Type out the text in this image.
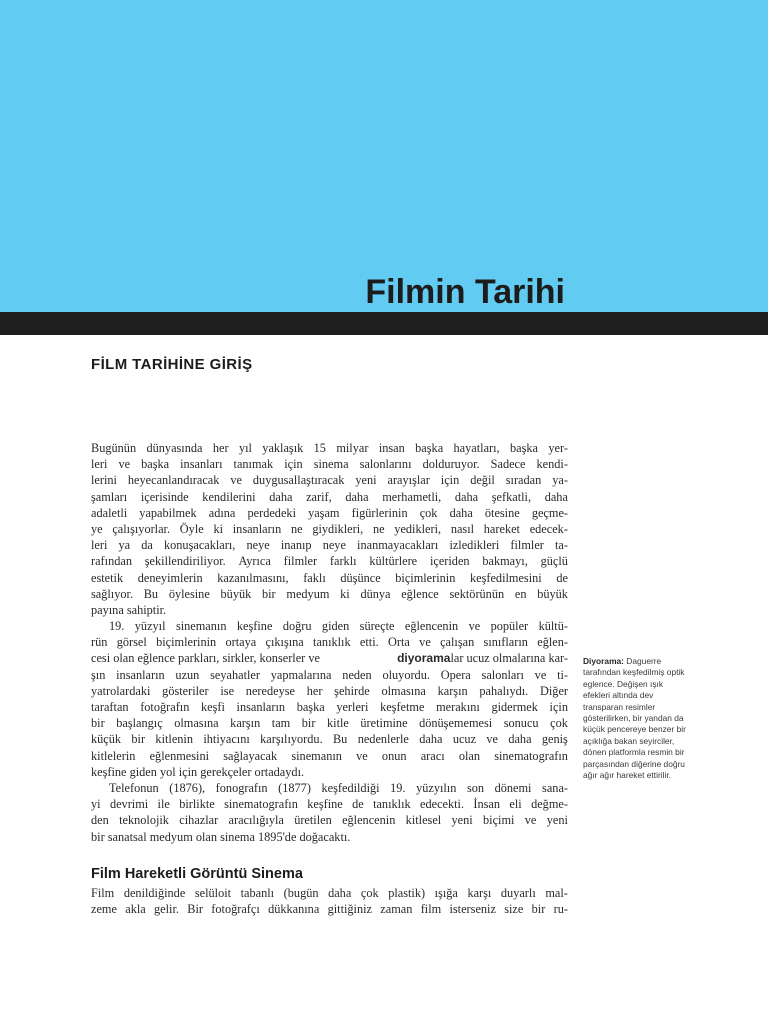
Filmin Tarihi
FİLM TARİHİNE GİRİŞ
Bugünün dünyasında her yıl yaklaşık 15 milyar insan başka hayatları, başka yer-
leri ve başka insanları tanımak için sinema salonlarını dolduruyor. Sadece kendi-
lerini heyecanlandıracak ve duygusallaştıracak yeni arayışlar için değil sıradan ya-
şamları içerisinde kendilerini daha zarif, daha merhametli, daha şefkatli, daha
adaletli yapabilmek adına perdedeki yaşam figürlerinin çok daha ötesine geçme-
ye çalışıyorlar. Öyle ki insanların ne giydikleri, ne yedikleri, nasıl hareket edecek-
leri ya da konuşacakları, neye inanıp neye inanmayacakları izledikleri filmler ta-
rafından şekillendiriliyor. Ayrıca filmler farklı kültürlere içeriden bakmayı, güçlü
estetik deneyimlerin kazanılmasını, faklı düşünce biçimlerinin keşfedilmesini de
sağlıyor. Bu öylesine büyük bir medyum ki dünya eğlence sektörünün en büyük
payına sahiptir.
19. yüzyıl sinemanın keşfine doğru giden süreçte eğlencenin ve popüler kültü-
rün görsel biçimlerinin ortaya çıkışına tanıklık etti. Orta ve çalışan sınıfların eğlen-
cesi olan eğlence parkları, sirkler, konserler ve	diyoramalar ucuz olmalarına kar-
şın insanların uzun seyahatler yapmalarına neden oluyordu. Opera salonları ve ti-
yatrolardaki gösteriler ise neredeyse her şehirde olmasına karşın pahalıydı. Diğer
taraftan fotoğrafın keşfi insanların başka yerleri keşfetme merakını gidermek için
bir başlangıç olmasına karşın tam bir kitle üretimine dönüşememesi sonucu çok
küçük bir kitlenin ihtiyacını karşılıyordu. Bu nedenlerle daha ucuz ve daha geniş
kitlelerin eğlenmesini sağlayacak sinemanın ve onun aracı olan sinematografın
keşfine giden yol için gerekçeler ortadaydı.
Telefonun (1876), fonografın (1877) keşfedildiği 19. yüzyılın son dönemi sana-
yi devrimi ile birlikte sinematografın keşfine de tanıklık edecekti. İnsan eli değme-
den teknolojik cihazlar aracılığıyla üretilen eğlencenin kitlesel yeni biçimi ve yeni
bir sanatsal medyum olan sinema 1895'de doğacaktı.
Film Hareketli Görüntü Sinema
Film denildiğinde selüloit tabanlı (bugün daha çok plastik) ışığa karşı duyarlı mal-
zeme akla gelir. Bir fotoğrafçı dükkanına gittiğiniz zaman film isterseniz size bir ru-
Diyorama: Daguerre
tarafından keşfedilmiş optik
eglence. Değişen ışık
efekleri altında dev
transparan resimler
gösterilirken, bir yandan da
küçük pencereye benzer bir
açıklığa bakan seyirciler,
dönen platformla resmin bir
parçasından diğerine doğru
ağır ağır hareket ettirilir.
